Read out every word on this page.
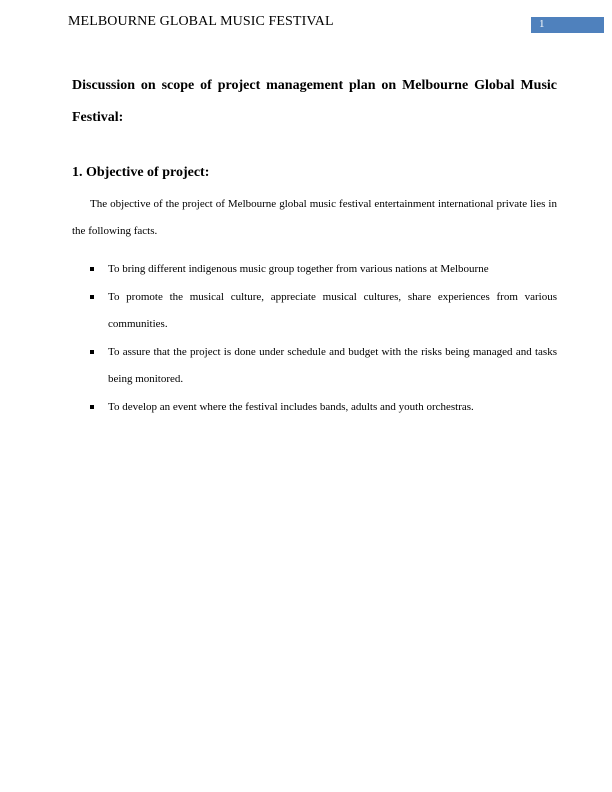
MELBOURNE GLOBAL MUSIC FESTIVAL	1
Discussion on scope of project management plan on Melbourne Global Music Festival:
1. Objective of project:

The objective of the project of Melbourne global music festival entertainment international private lies in the following facts.

To bring different indigenous music group together from various nations at Melbourne
To promote the musical culture, appreciate musical cultures, share experiences from various communities.
To assure that the project is done under schedule and budget with the risks being managed and tasks being monitored.
To develop an event where the festival includes bands, adults and youth orchestras.
